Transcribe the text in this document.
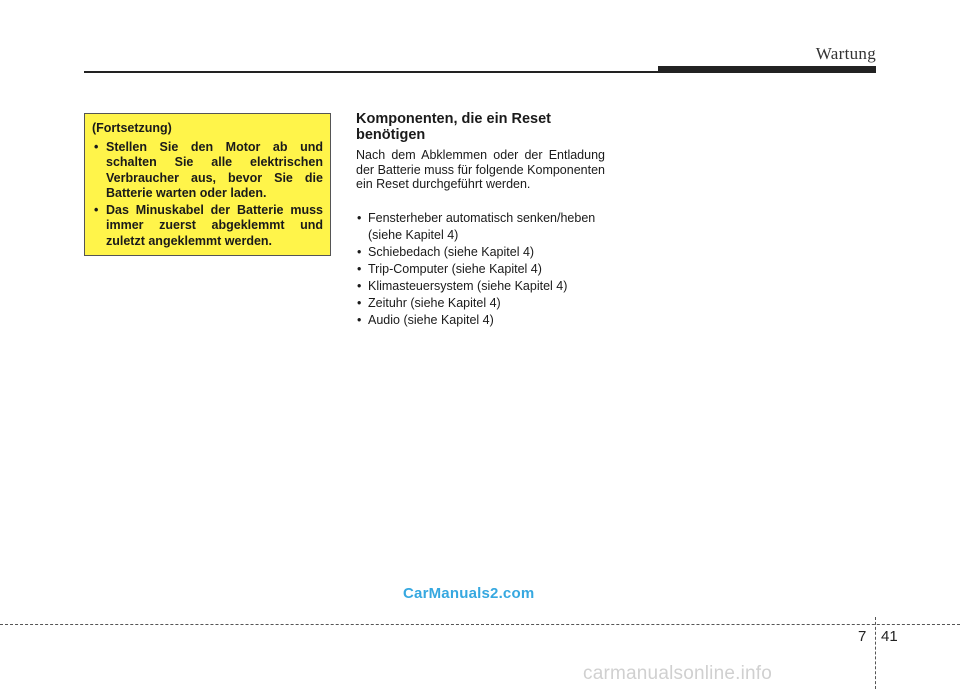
Wartung
(Fortsetzung)
• Stellen Sie den Motor ab und schalten Sie alle elektrischen Verbraucher aus, bevor Sie die Batterie warten oder laden.
• Das Minuskabel der Batterie muss immer zuerst abgeklemmt und zuletzt angeklemmt werden.
Komponenten, die ein Reset benötigen
Nach dem Abklemmen oder der Entladung der Batterie muss für folgende Komponenten ein Reset durchgeführt werden.
• Fensterheber automatisch senken/heben (siehe Kapitel 4)
• Schiebedach (siehe Kapitel 4)
• Trip-Computer (siehe Kapitel 4)
• Klimasteuersystem (siehe Kapitel 4)
• Zeituhr (siehe Kapitel 4)
• Audio (siehe Kapitel 4)
CarManuals2.com
7 41
carmanualsonline.info
